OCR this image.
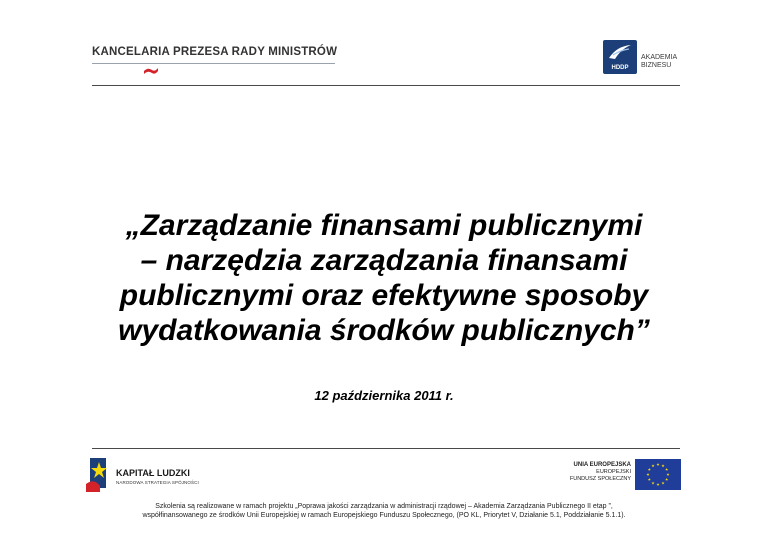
KANCELARIA PREZESA RADY MINISTRÓW
HDDP
AKADEMIA
BIZNESU
„Zarządzanie finansami publicznymi
– narzędzia zarządzania finansami
publicznymi oraz efektywne sposoby
wydatkowania środków publicznych”
12 października 2011 r.
KAPITAŁ LUDZKI
NARODOWA STRATEGIA SPÓJNOŚCI
UNIA EUROPEJSKA
EUROPEJSKI
FUNDUSZ SPOŁECZNY
Szkolenia są realizowane w ramach projektu „Poprawa jakości zarządzania w administracji rządowej – Akademia Zarządzania Publicznego II etap ”,
współfinansowanego ze środków Unii Europejskiej w ramach Europejskiego Funduszu Społecznego, (PO KL, Priorytet V, Działanie 5.1, Poddziałanie 5.1.1).
